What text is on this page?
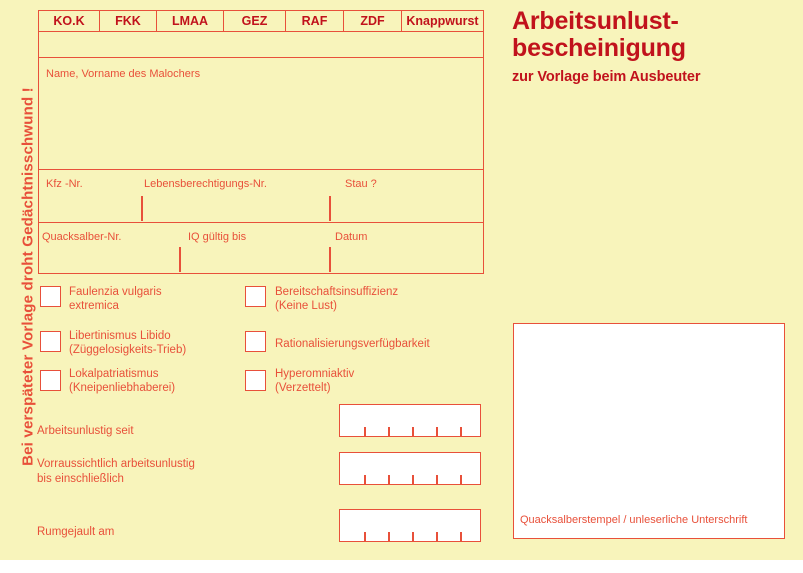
Bei verspäteter Vorlage droht Gedächtnisschwund !
Arbeitsunlust-
bescheinigung
zur Vorlage beim Ausbeuter
KO.K	FKK	LMAA	GEZ	RAF	ZDF	Knappwurst
Name, Vorname des Malochers
Kfz -Nr.	Lebensberechtigungs-Nr.	Stau ?
Quacksalber-Nr.	IQ gültig bis	Datum
Faulenzia vulgaris
extremica
Libertinismus Libido
(Züggelosigkeits-Trieb)
Lokalpatriatismus
(Kneipenliebhaberei)
Bereitschaftsinsuffizienz
(Keine Lust)
Rationalisierungsverfügbarkeit
Hyperomniaktiv
(Verzettelt)
Arbeitsunlustig seit
Vorraussichtlich arbeitsunlustig
bis einschließlich
Rumgejault am
Quacksalberstempel / unleserliche Unterschrift
